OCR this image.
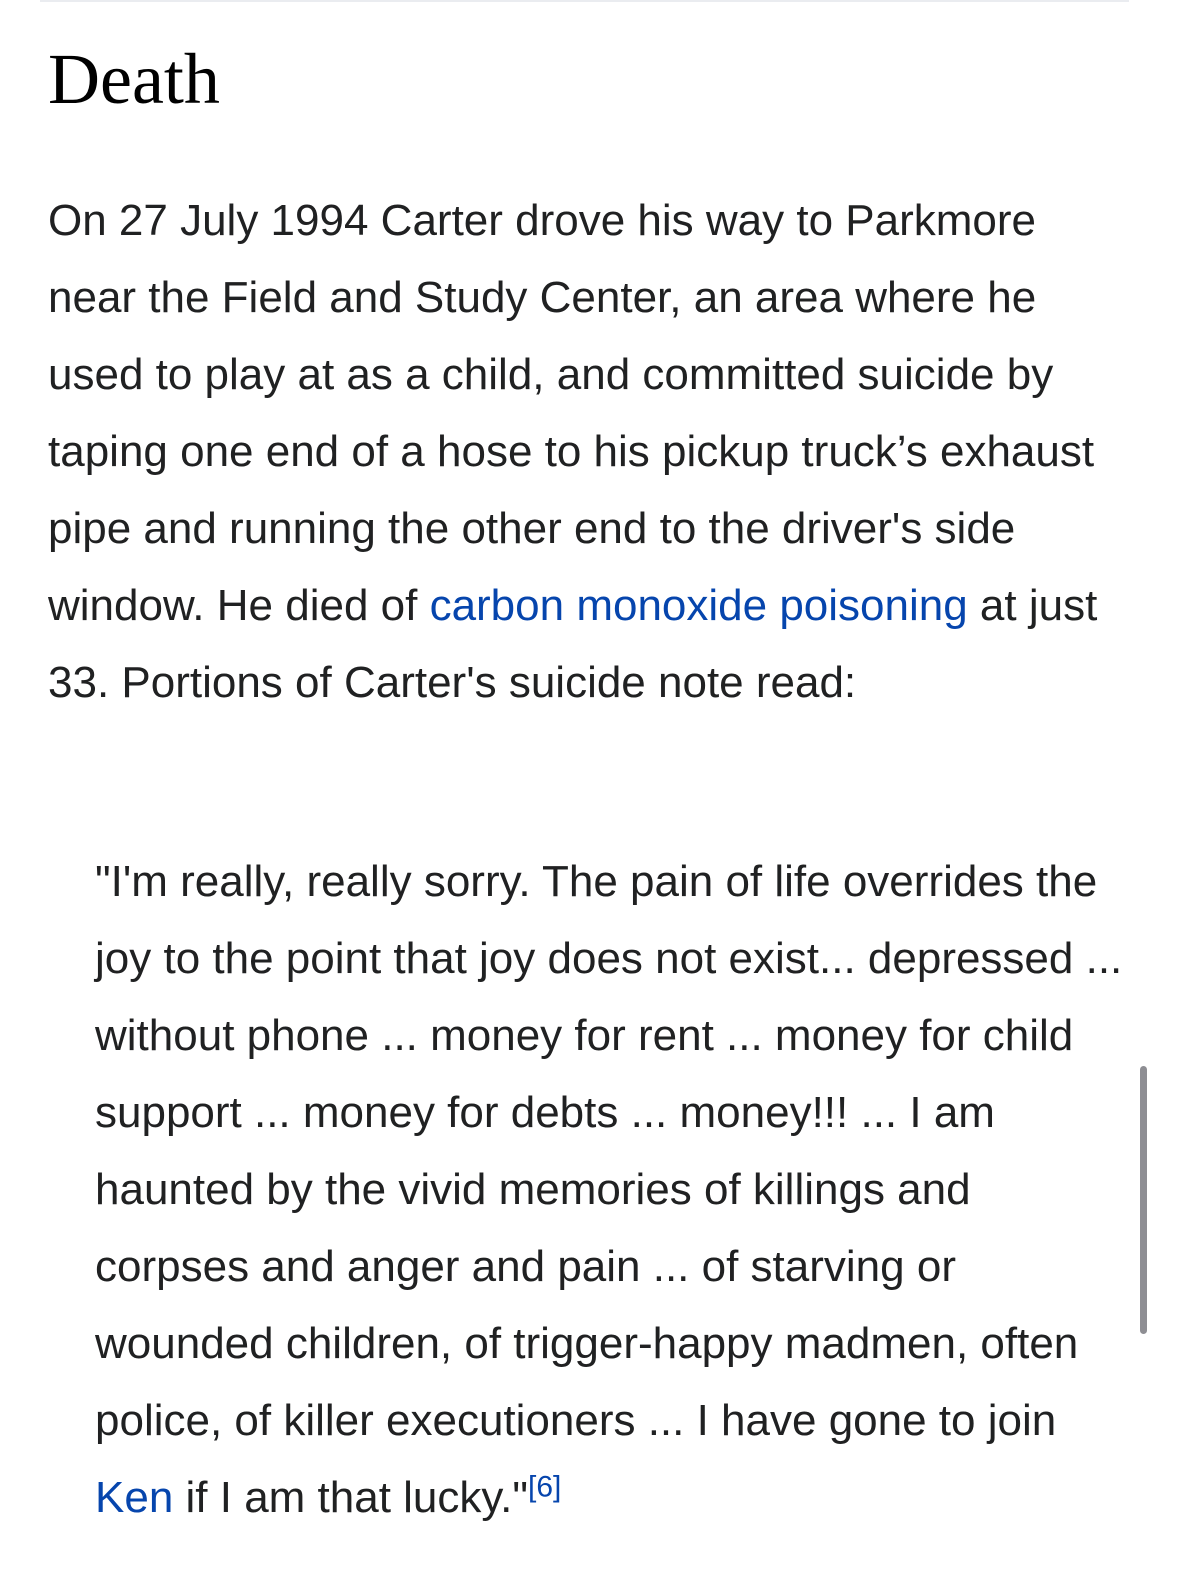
Death

On 27 July 1994 Carter drove his way to Parkmore near the Field and Study Center, an area where he used to play at as a child, and committed suicide by taping one end of a hose to his pickup truck’s exhaust pipe and running the other end to the driver's side window. He died of carbon monoxide poisoning at just 33. Portions of Carter's suicide note read:

"I'm really, really sorry. The pain of life overrides the joy to the point that joy does not exist... depressed ... without phone ... money for rent ... money for child support ... money for debts ... money!!! ... I am haunted by the vivid memories of killings and corpses and anger and pain ... of starving or wounded children, of trigger-happy madmen, often police, of killer executioners ... I have gone to join Ken if I am that lucky."[6]
